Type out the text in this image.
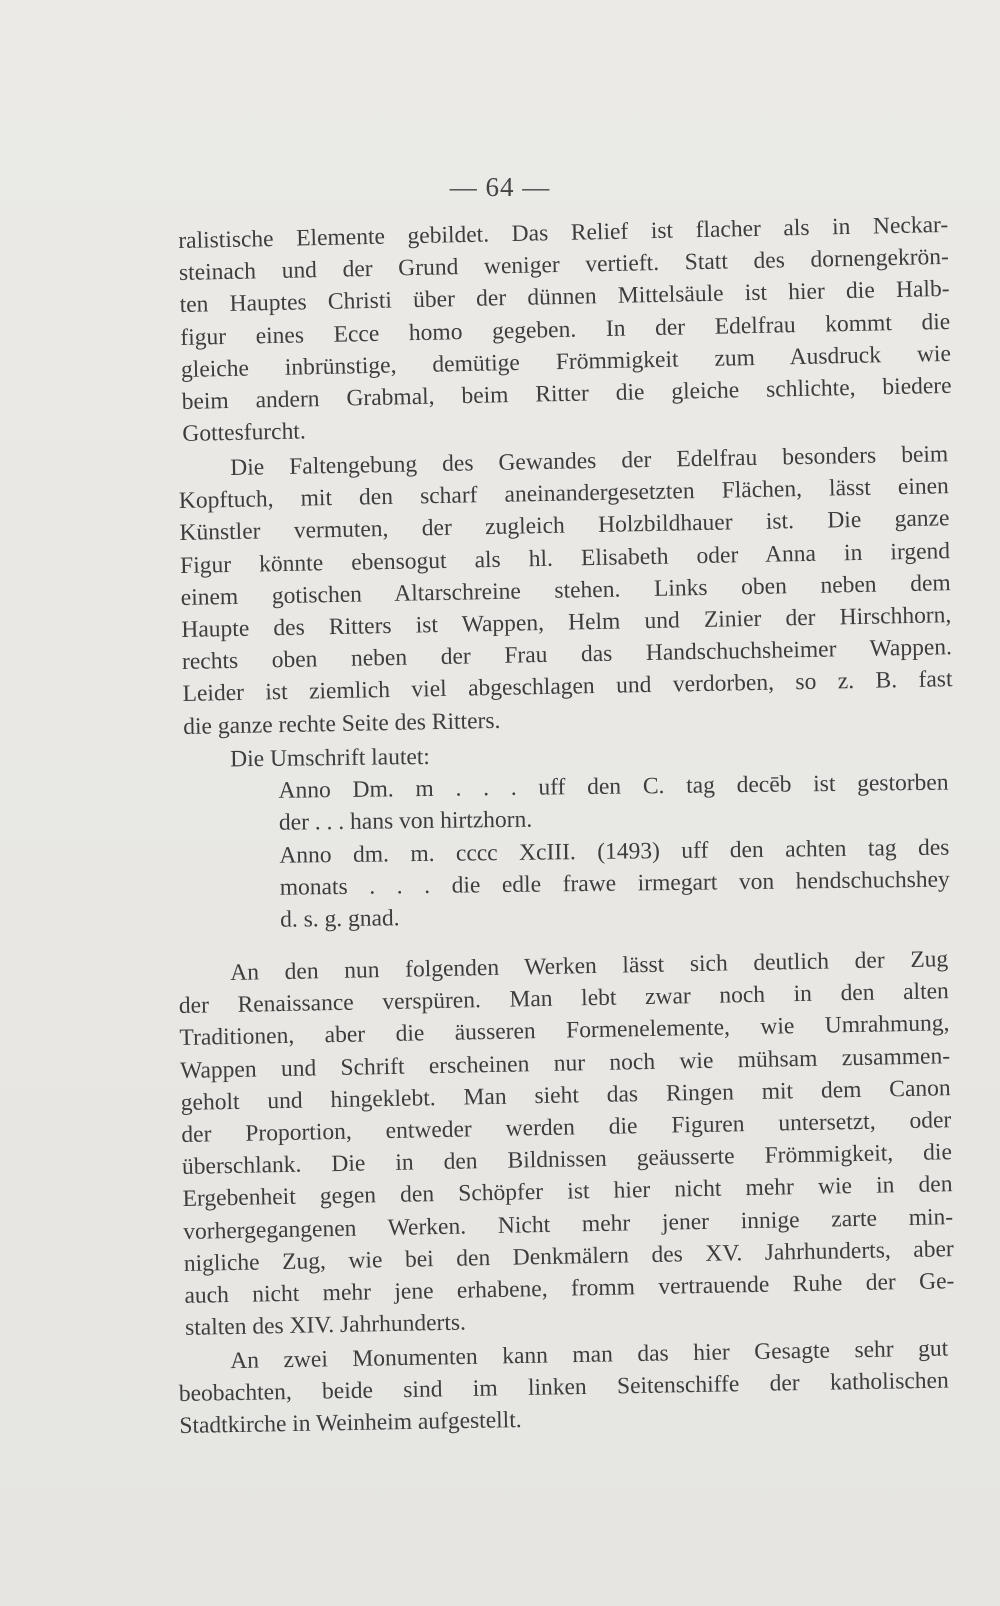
— 64 —
ralistische Elemente gebildet. Das Relief ist flacher als in Neckar-
steinach und der Grund weniger vertieft. Statt des dornengekrön-
ten Hauptes Christi über der dünnen Mittelsäule ist hier die Halb-
figur eines Ecce homo gegeben. In der Edelfrau kommt die
gleiche inbrünstige, demütige Frömmigkeit zum Ausdruck wie
beim andern Grabmal, beim Ritter die gleiche schlichte, biedere
Gottesfurcht.
Die Faltengebung des Gewandes der Edelfrau besonders beim
Kopftuch, mit den scharf aneinandergesetzten Flächen, lässt einen
Künstler vermuten, der zugleich Holzbildhauer ist. Die ganze
Figur könnte ebensogut als hl. Elisabeth oder Anna in irgend
einem gotischen Altarschreine stehen. Links oben neben dem
Haupte des Ritters ist Wappen, Helm und Zinier der Hirschhorn,
rechts oben neben der Frau das Handschuchsheimer Wappen.
Leider ist ziemlich viel abgeschlagen und verdorben, so z. B. fast
die ganze rechte Seite des Ritters.
Die Umschrift lautet:
Anno Dm. m . . . uff den C. tag decēb ist gestorben
der . . . hans von hirtzhorn.
Anno dm. m. cccc XcIII. (1493) uff den achten tag des
monats . . . die edle frawe irmegart von hendschuchshey
d. s. g. gnad.
An den nun folgenden Werken lässt sich deutlich der Zug
der Renaissance verspüren. Man lebt zwar noch in den alten
Traditionen, aber die äusseren Formenelemente, wie Umrahmung,
Wappen und Schrift erscheinen nur noch wie mühsam zusammen-
geholt und hingeklebt. Man sieht das Ringen mit dem Canon
der Proportion, entweder werden die Figuren untersetzt, oder
überschlank. Die in den Bildnissen geäusserte Frömmigkeit, die
Ergebenheit gegen den Schöpfer ist hier nicht mehr wie in den
vorhergegangenen Werken. Nicht mehr jener innige zarte min-
nigliche Zug, wie bei den Denkmälern des XV. Jahrhunderts, aber
auch nicht mehr jene erhabene, fromm vertrauende Ruhe der Ge-
stalten des XIV. Jahrhunderts.
An zwei Monumenten kann man das hier Gesagte sehr gut
beobachten, beide sind im linken Seitenschiffe der katholischen
Stadtkirche in Weinheim aufgestellt.
